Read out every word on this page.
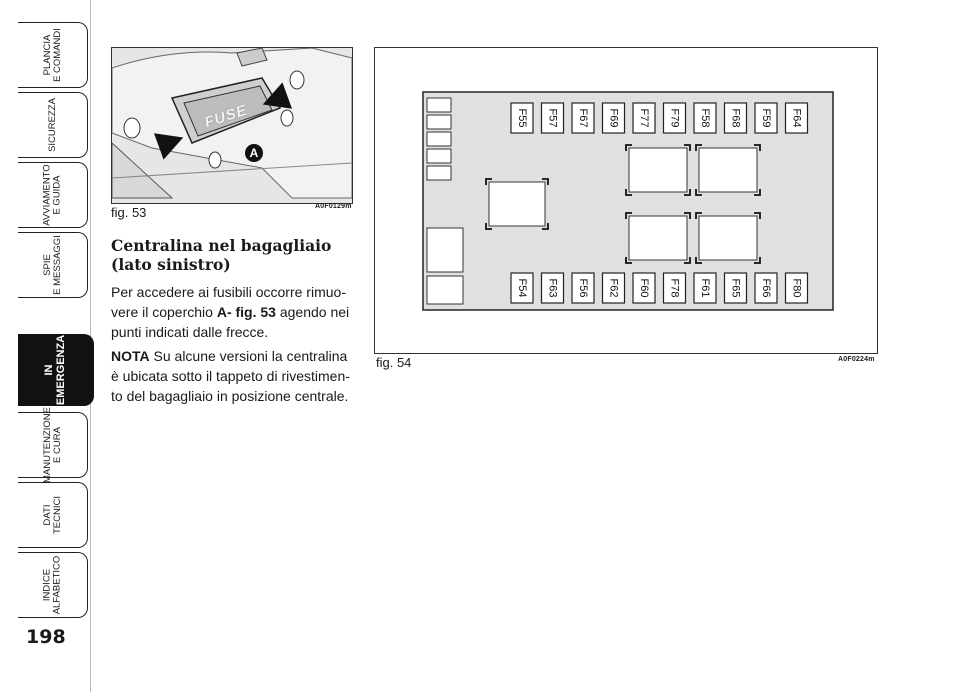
PLANCIA
E COMANDI
SICUREZZA
AVVIAMENTO
E GUIDA
SPIE
E MESSAGGI
IN
EMERGENZA
MANUTENZIONE
E CURA
DATI
TECNICI
INDICE
ALFABETICO
198
FUSE
A
fig. 53	A0F0129m
Centralina nel bagagliaio
(lato sinistro)
Per accedere ai fusibili occorre rimuo-vere il coperchio A- fig. 53 agendo nei punti indicati dalle frecce.
NOTA Su alcune versioni la centralina è ubicata sotto il tappeto di rivestimen-to del bagagliaio in posizione centrale.
F55 F57 F67 F69 F77 F79 F58 F68 F59 F64
F54 F63 F56 F62 F60 F78 F61 F65 F66 F80
fig. 54	A0F0224m
